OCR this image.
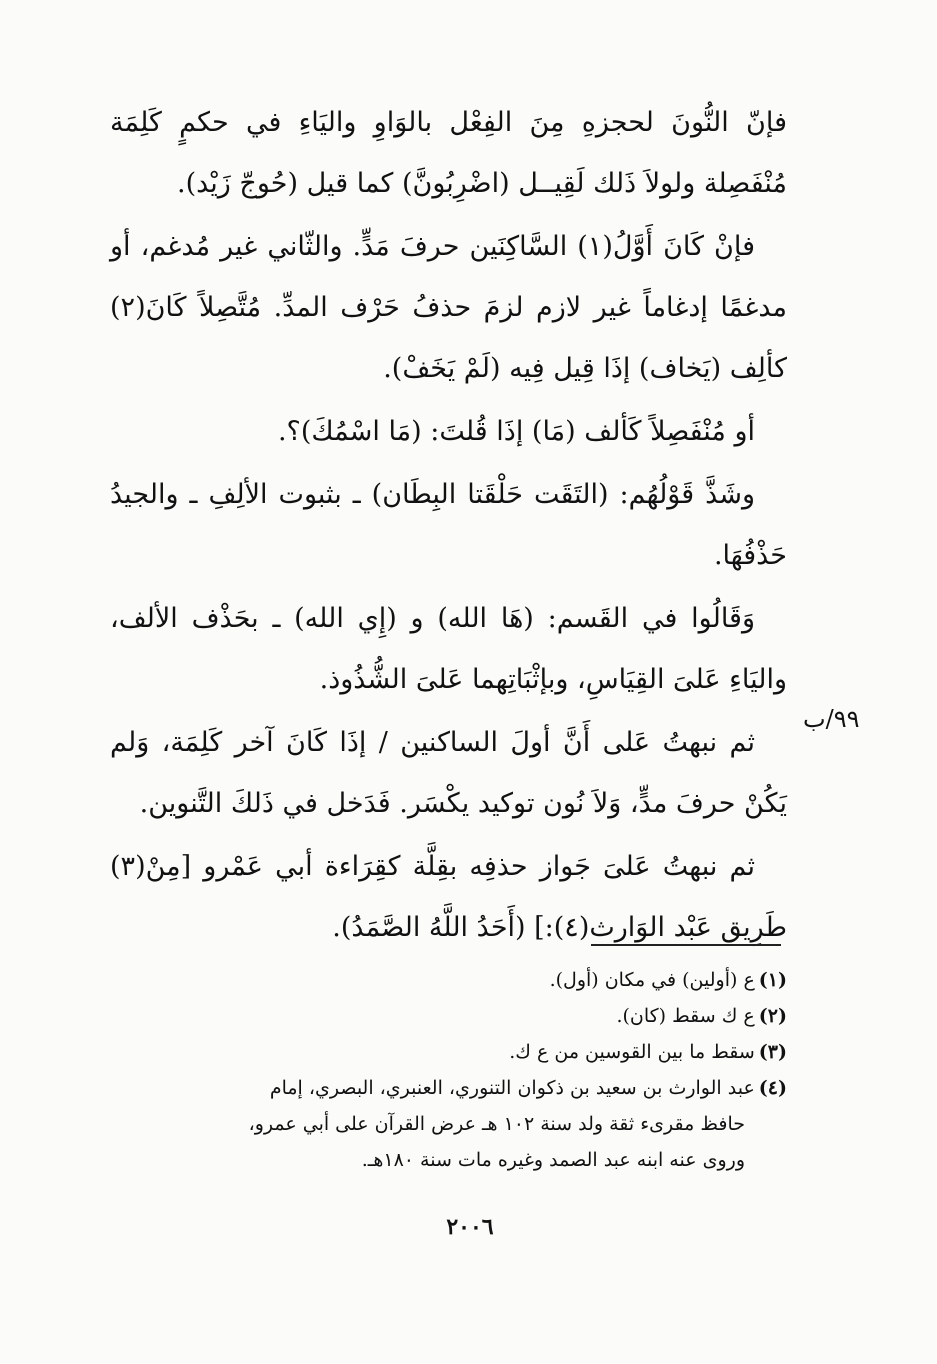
فإنّ النُّونَ لحجزهِ مِنَ الفِعْل بالوَاوِ واليَاءِ في حكمٍ كَلِمَة مُنْفَصِلة ولولاَ ذَلك لَقِيــل (اضْرِبُونَّ) كما قيل (حُوجّ زَيْد).

فإنْ كَانَ أَوَّلُ(١) السَّاكِنَين حرفَ مَدٍّ. والثّاني غير مُدغم، أو مدغمًا إدغاماً غير لازم لزمَ حذفُ حَرْف المدِّ. مُتَّصِلاً كَانَ(٢) كألِف (يَخاف) إذَا قِيل فِيه (لَمْ يَخَفْ).

أو مُنْفَصِلاً كَألف (مَا) إذَا قُلتَ: (مَا اسْمُكَ)؟.

وشَذَّ قَوْلُهُم: (التَقَت حَلْقَتا البِطَان) ـ بثبوت الألِفِ ـ والجيدُ حَذْفُهَا.

وَقَالُوا في القَسم: (هَا الله) و (إِي الله) ـ بحَذْف الألف، واليَاءِ عَلىَ القِيَاسِ، وبإثْبَاتِهما عَلىَ الشُّذُوذ.

ثم نبهتُ عَلى أَنَّ أولَ الساكنين / إذَا كَانَ آخر كَلِمَة، وَلم يَكُنْ حرفَ مدٍّ، وَلاَ نُون توكيد يكْسَر. فَدَخل في ذَلكَ التَّنوين.

ثم نبهتُ عَلىَ جَواز حذفِه بقِلَّة كقِرَاءة أبي عَمْرو [مِنْ(٣) طَرِيق عَبْد الوَارث(٤):] (أَحَدُ اللَّهُ الصَّمَدُ).

٩٩/ب

(١)ع (أولين) في مكان (أول).

(٢)ع ك سقط (كان).

(٣)سقط ما بين القوسين من ع ك.

(٤)عبد الوارث بن سعيد بن ذكوان التنوري، العنبري، البصري، إمام

حافظ مقرىء ثقة ولد سنة ١٠٢ هـ عرض القرآن على أبي عمرو،

وروى عنه ابنه عبد الصمد وغيره مات سنة ١٨٠هـ.

٢٠٠٦
